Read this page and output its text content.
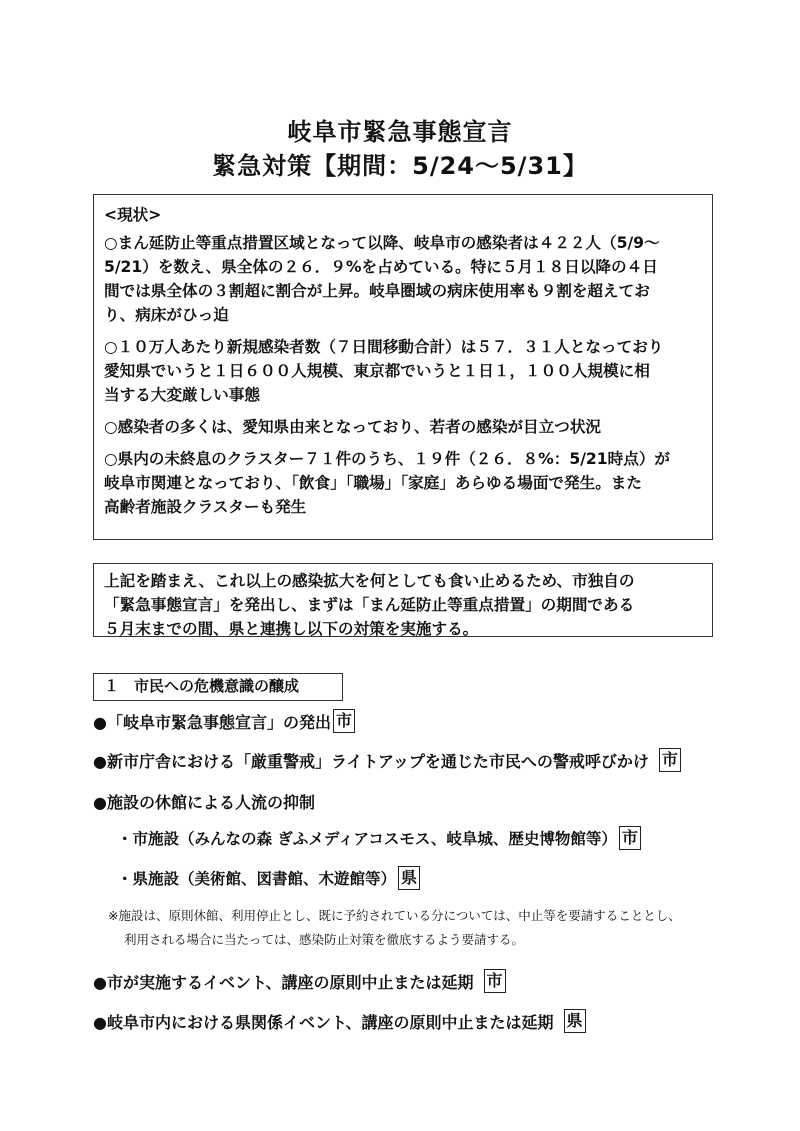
岐阜市緊急事態宣言
緊急対策【期間：5/24〜5/31】
<現状>
○まん延防止等重点措置区域となって以降、岐阜市の感染者は４２２人（5/9〜
5/21）を数え、県全体の２６．９%を占めている。特に５月１８日以降の４日
間では県全体の３割超に割合が上昇。岐阜圏域の病床使用率も９割を超えてお
り、病床がひっ迫
○１０万人あたり新規感染者数（７日間移動合計）は５７．３１人となっており
愛知県でいうと１日６００人規模、東京都でいうと１日１，１００人規模に相
当する大変厳しい事態
○感染者の多くは、愛知県由来となっており、若者の感染が目立つ状況
○県内の未終息のクラスター７１件のうち、１９件（２６．８%：5/21時点）が
岐阜市関連となっており、「飲食」「職場」「家庭」あらゆる場面で発生。また
高齢者施設クラスターも発生
上記を踏まえ、これ以上の感染拡大を何としても食い止めるため、市独自の
「緊急事態宣言」を発出し、まずは「まん延防止等重点措置」の期間である
５月末までの間、県と連携し以下の対策を実施する。
１　市民への危機意識の醸成
●「岐阜市緊急事態宣言」の発出 市
●新市庁舎における「厳重警戒」ライトアップを通じた市民への警戒呼びかけ 市
●施設の休館による人流の抑制
・市施設（みんなの森 ぎふメディアコスモス、岐阜城、歴史博物館等） 市
・県施設（美術館、図書館、木遊館等） 県
※施設は、原則休館、利用停止とし、既に予約されている分については、中止等を要請することとし、
利用される場合に当たっては、感染防止対策を徹底するよう要請する。
●市が実施するイベント、講座の原則中止または延期 市
●岐阜市内における県関係イベント、講座の原則中止または延期 県
